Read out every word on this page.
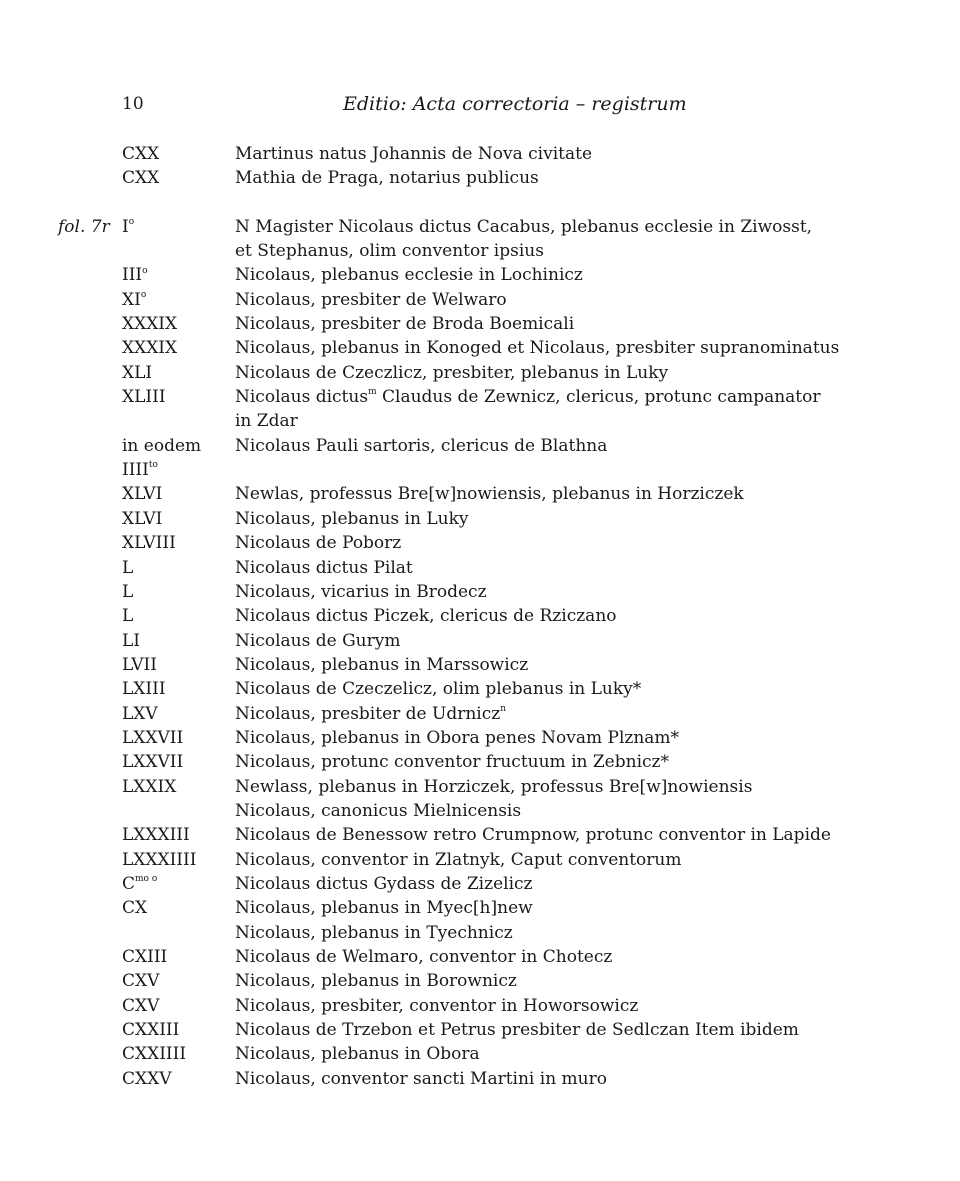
10	Editio: Acta correctoria – registrum
CXX	Martinus natus Johannis de Nova civitate
CXX	Mathia de Praga, notarius publicus
fol. 7r $I^o$	N Magister Nicolaus dictus Cacabus, plebanus ecclesie in Ziwosst,
et Stephanus, olim conventor ipsius
III$^o$	Nicolaus, plebanus ecclesie in Lochinicz
$XI^o$	Nicolaus, presbiter de Welwaro
XXXIX	Nicolaus, presbiter de Broda Boemicali
XXXIX	Nicolaus, plebanus in Konoged et Nicolaus, presbiter supranominatus
XLI	Nicolaus de Czeczlicz, presbiter, plebanus in Luky
XLIII	Nicolaus dictus$^m$ Claudus de Zewnicz, clericus, protunc campanator
in Zdar
in eodem Nicolaus Pauli sartoris, clericus de Blathna
$IIII^{to}$
XLVI	Newlas, professus Bre[w]nowiensis, plebanus in Horziczek
XLVI	Nicolaus, plebanus in Luky
XLVIII	Nicolaus de Poborz
L	Nicolaus dictus Pilat
L	Nicolaus, vicarius in Brodecz
L	Nicolaus dictus Piczek, clericus de Rziczano
LI	Nicolaus de Gurym
LVII	Nicolaus, plebanus in Marssowicz
LXIII	Nicolaus de Czeczelicz, olim plebanus in Luky*
LXV	Nicolaus, presbiter de Udrnicz$^n$
LXXVII	Nicolaus, plebanus in Obora penes Novam Plznam*
LXXVII	Nicolaus, protunc conventor fructuum in Zebnicz*
LXXIX	Newlass, plebanus in Horziczek, professus Bre[w]nowiensis
Nicolaus, canonicus Mielnicensis
LXXXIII	Nicolaus de Benessow retro Crumpnow, protunc conventor in Lapide
LXXXIIII Nicolaus, conventor in Zlatnyk, Caput conventorum
$C^{mo o}$	Nicolaus dictus Gydass de Zizelicz
CX	Nicolaus, plebanus in Myec[h]new
Nicolaus, plebanus in Tyechnicz
CXIII	Nicolaus de Welmaro, conventor in Chotecz
CXV	Nicolaus, plebanus in Borownicz
CXV	Nicolaus, presbiter, conventor in Howorsowicz
CXXIII	Nicolaus de Trzebon et Petrus presbiter de Sedlczan Item ibidem
CXXIIII	Nicolaus, plebanus in Obora
CXXV	Nicolaus, conventor sancti Martini in muro
